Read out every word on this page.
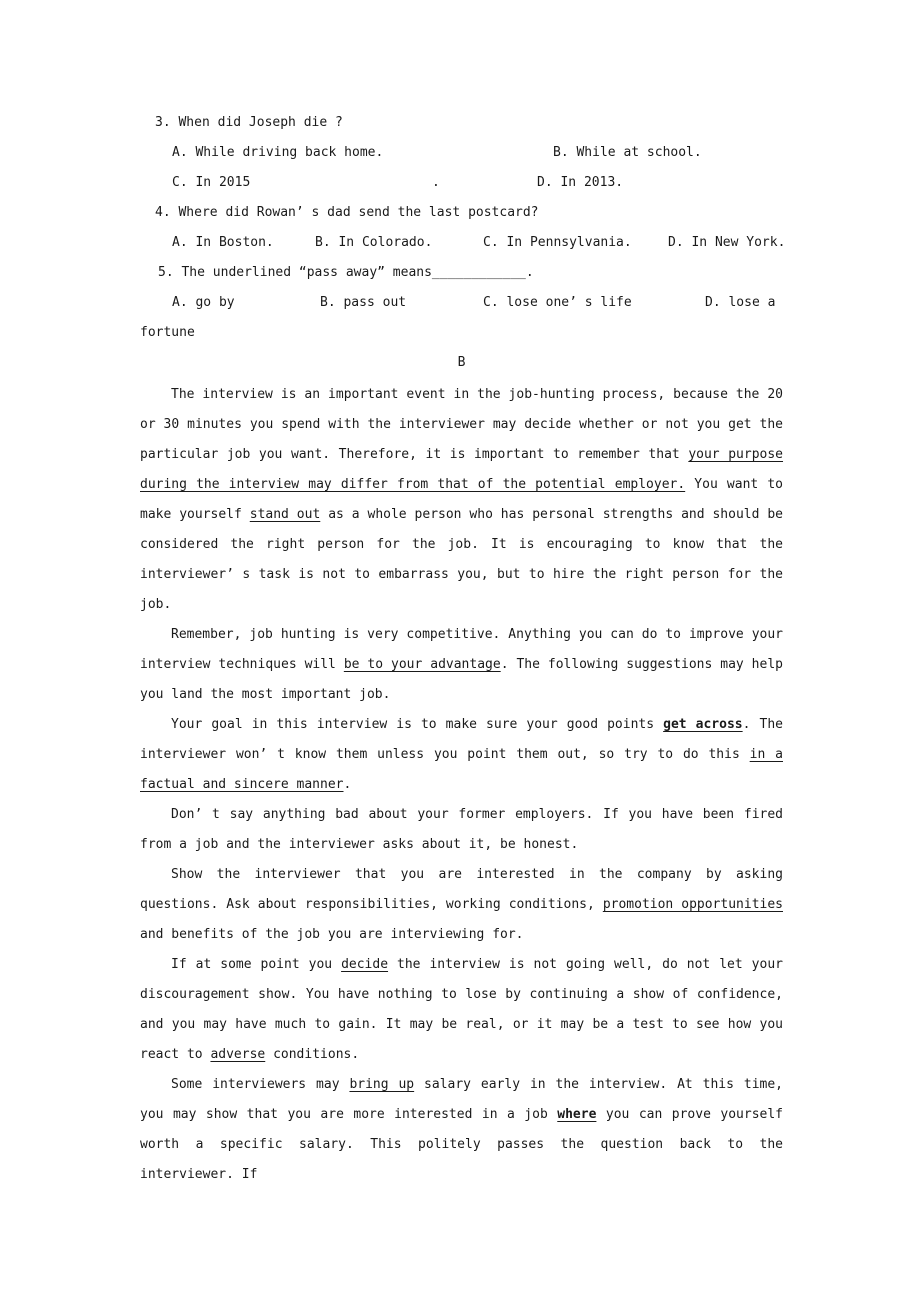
3. When did Joseph die ?
A. While driving back home.	B. While at school.
C. In 2015	.	D. In 2013.
4. Where did Rowan’ s dad send the last postcard?
A. In Boston.	B. In Colorado.	C. In Pennsylvania.	D. In New York.
5. The underlined “pass away” means____________.
A. go by	B. pass out	C. lose one’ s life	D. lose a
fortune
B

The interview is an important event in the job-hunting process, because the 20 or 30 minutes you spend with the interviewer may decide whether or not you get the particular job you want. Therefore, it is important to remember that your purpose during the interview may differ from that of the potential employer. You want to make yourself stand out as a whole person who has personal strengths and should be considered the right person for the job. It is encouraging to know that the interviewer’ s task is not to embarrass you, but to hire the right person for the job.

Remember, job hunting is very competitive. Anything you can do to improve your interview techniques will be to your advantage. The following suggestions may help you land the most important job.

Your goal in this interview is to make sure your good points get across. The interviewer won’ t know them unless you point them out, so try to do this in a factual and sincere manner.

Don’ t say anything bad about your former employers. If you have been fired from a job and the interviewer asks about it, be honest.

Show the interviewer that you are interested in the company by asking questions. Ask about responsibilities, working conditions, promotion opportunities and benefits of the job you are interviewing for.

If at some point you decide the interview is not going well, do not let your discouragement show. You have nothing to lose by continuing a show of confidence, and you may have much to gain. It may be real, or it may be a test to see how you react to adverse conditions.

Some interviewers may bring up salary early in the interview. At this time, you may show that you are more interested in a job where you can prove yourself worth a specific salary. This politely passes the question back to the interviewer. If
